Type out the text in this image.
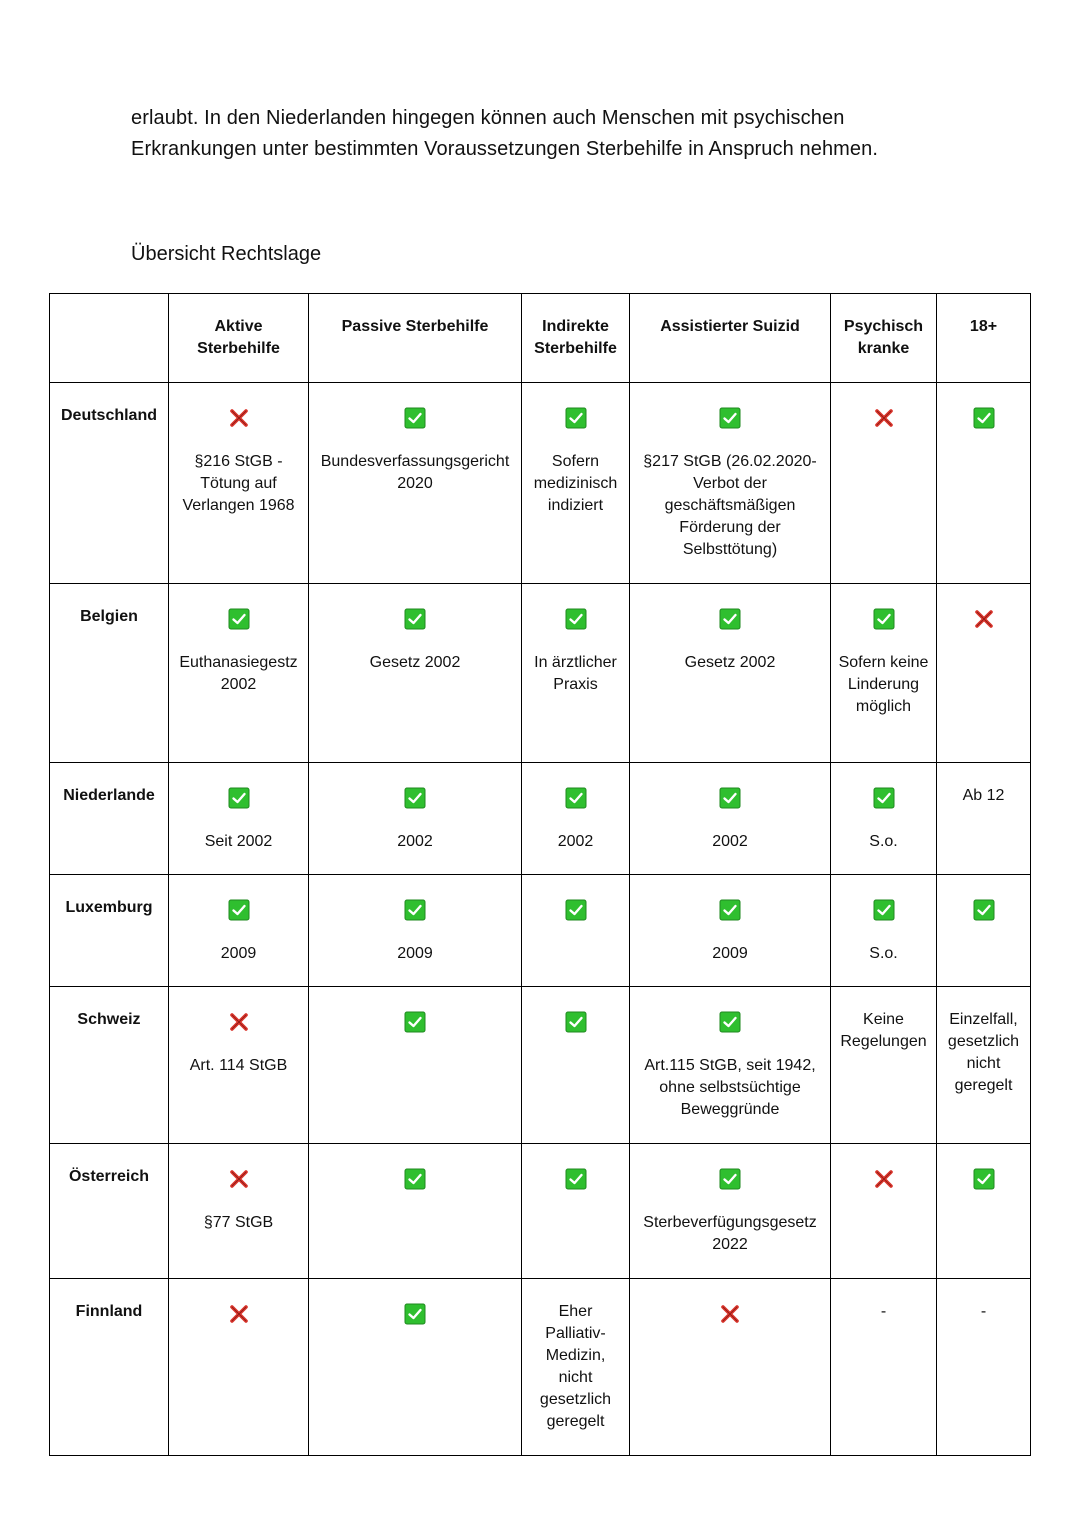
erlaubt. In den Niederlanden hingegen können auch Menschen mit psychischen

Erkrankungen unter bestimmten Voraussetzungen Sterbehilfe in Anspruch nehmen.

Übersicht Rechtslage
	Aktive Sterbehilfe	Passive Sterbehilfe	Indirekte Sterbehilfe	Assistierter Suizid	Psychisch kranke	18+
Deutschland	§216 StGB - Tötung auf Verlangen 1968	Bundesverfassungsgericht 2020	Sofern medizinisch indiziert	§217 StGB (26.02.2020- Verbot der geschäftsmäßigen Förderung der Selbsttötung)

Belgien	Euthanasiegestz 2002	Gesetz 2002	In ärztlicher Praxis	Gesetz 2002	Sofern keine Linderung möglich

Niederlande	Seit 2002	2002	2002	2002	S.o.	Ab 12

Luxemburg	2009	2009		2009	S.o.

Schweiz	Art. 114 StGB			Art.115 StGB, seit 1942, ohne selbstsüchtige Beweggründe	Keine Regelungen	Einzelfall, gesetzlich nicht geregelt

Österreich	§77 StGB			Sterbeverfügungsgesetz 2022

Finnland			Eher Palliativ-Medizin, nicht gesetzlich geregelt		-	-
